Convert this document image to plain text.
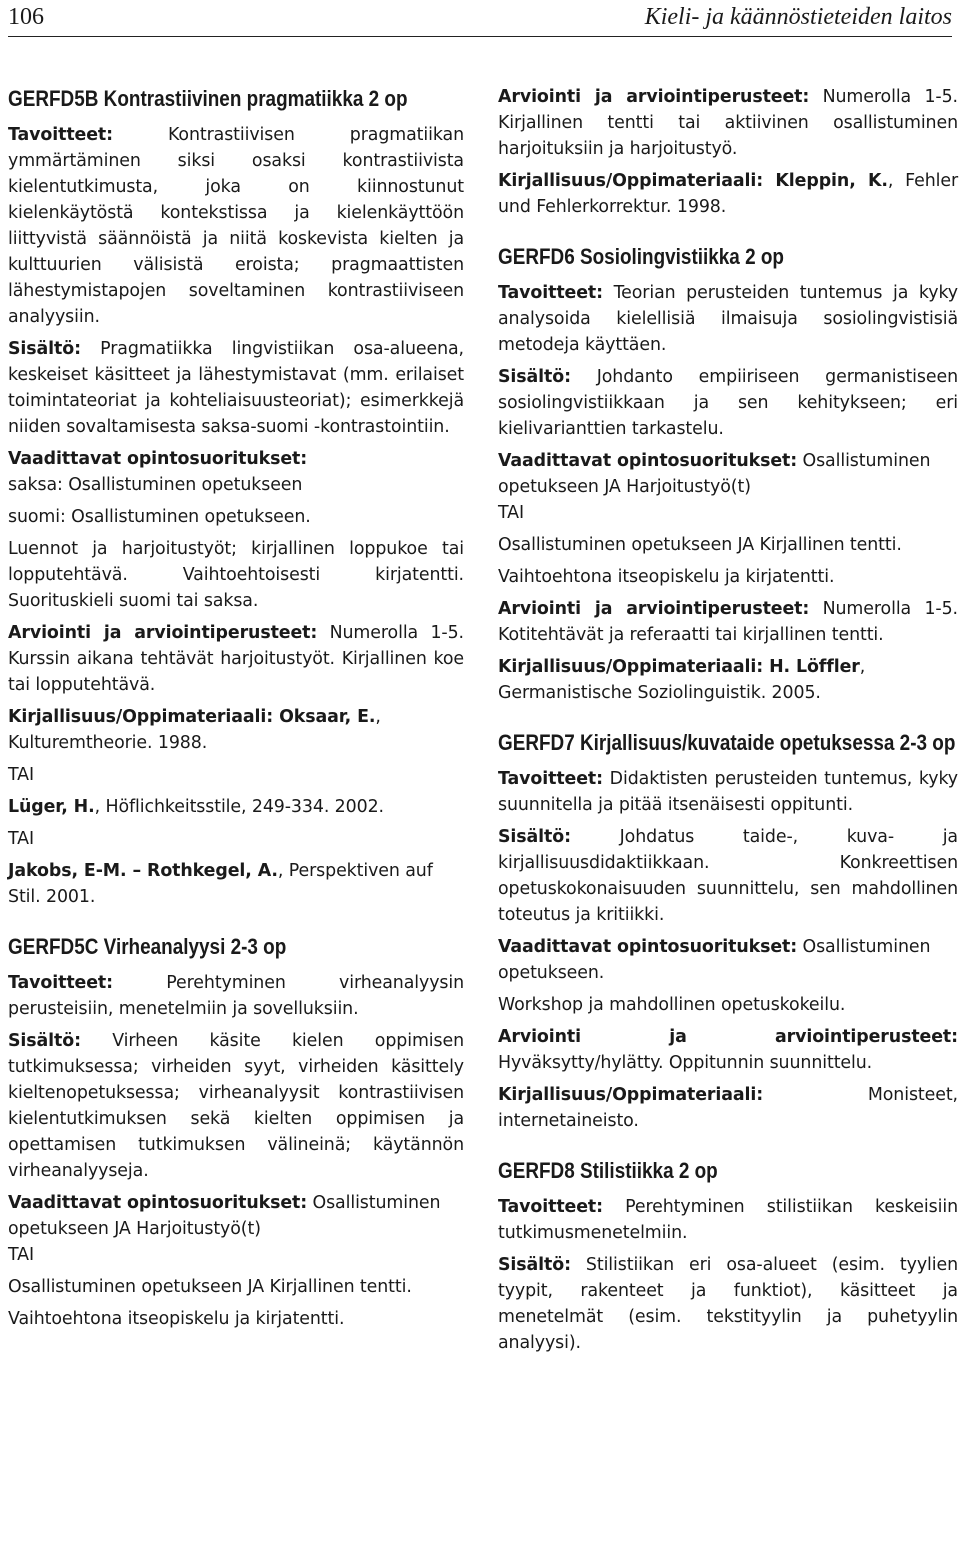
106	Kieli- ja käännöstieteiden laitos
GERFD5B Kontrastiivinen pragmatiikka 2 op

Tavoitteet: Kontrastiivisen pragmatiikan ymmärtäminen siksi osaksi kontrastiivista kielentutkimusta, joka on kiinnostunut kielenkäytöstä kontekstissa ja kielenkäyttöön liittyvistä säännöistä ja niitä koskevista kielten ja kulttuurien välisistä eroista; pragmaattisten lähestymistapojen soveltaminen kontrastiiviseen analyysiin.

Sisältö: Pragmatiikka lingvistiikan osa-alueena, keskeiset käsitteet ja lähestymistavat (mm. erilaiset toimintateoriat ja kohteliaisuusteoriat); esimerkkejä niiden sovaltamisesta saksa-suomi -kontrastointiin.

Vaadittavat opintosuoritukset:

saksa: Osallistuminen opetukseen

suomi: Osallistuminen opetukseen.

Luennot ja harjoitustyöt; kirjallinen loppukoe tai lopputehtävä. Vaihtoehtoisesti kirjatentti. Suorituskieli suomi tai saksa.

Arviointi ja arviointiperusteet: Numerolla 1-5. Kurssin aikana tehtävät harjoitustyöt. Kirjallinen koe tai lopputehtävä.

Kirjallisuus/Oppimateriaali: Oksaar, E., Kulturemtheorie. 1988.

TAI

Lüger, H., Höflichkeitsstile, 249-334. 2002.

TAI

Jakobs, E-M. – Rothkegel, A., Perspektiven auf Stil. 2001.

GERFD5C Virheanalyysi 2-3 op

Tavoitteet: Perehtyminen virheanalyysin perusteisiin, menetelmiin ja sovelluksiin.

Sisältö: Virheen käsite kielen oppimisen tutkimuksessa; virheiden syyt, virheiden käsittely kieltenopetuksessa; virheanalyysit kontrastiivisen kielentutkimuksen sekä kielten oppimisen ja opettamisen tutkimuksen välineinä; käytännön virheanalyyseja.

Vaadittavat opintosuoritukset: Osallistuminen opetukseen JA Harjoitustyö(t)

TAI

Osallistuminen opetukseen JA Kirjallinen tentti.

Vaihtoehtona itseopiskelu ja kirjatentti.

Arviointi ja arviointiperusteet: Numerolla 1-5. Kirjallinen tentti tai aktiivinen osallistuminen harjoituksiin ja harjoitustyö.

Kirjallisuus/Oppimateriaali: Kleppin, K., Fehler und Fehlerkorrektur. 1998.

GERFD6 Sosiolingvistiikka 2 op

Tavoitteet: Teorian perusteiden tuntemus ja kyky analysoida kielellisiä ilmaisuja sosiolingvistisiä metodeja käyttäen.

Sisältö: Johdanto empiiriseen germanistiseen sosiolingvistiikkaan ja sen kehitykseen; eri kielivarianttien tarkastelu.

Vaadittavat opintosuoritukset: Osallistuminen opetukseen JA Harjoitustyö(t)

TAI

Osallistuminen opetukseen JA Kirjallinen tentti.

Vaihtoehtona itseopiskelu ja kirjatentti.

Arviointi ja arviointiperusteet: Numerolla 1-5. Kotitehtävät ja referaatti tai kirjallinen tentti.

Kirjallisuus/Oppimateriaali: H. Löffler, Germanistische Soziolinguistik. 2005.

GERFD7 Kirjallisuus/kuvataide opetuksessa 2-3 op

Tavoitteet: Didaktisten perusteiden tuntemus, kyky suunnitella ja pitää itsenäisesti oppitunti.

Sisältö: Johdatus taide-, kuva- ja kirjallisuusdidaktiikkaan. Konkreettisen opetuskokonaisuuden suunnittelu, sen mahdollinen toteutus ja kritiikki.

Vaadittavat opintosuoritukset: Osallistuminen opetukseen.

Workshop ja mahdollinen opetuskokeilu.

Arviointi ja arviointiperusteet: Hyväksytty/hylätty. Oppitunnin suunnittelu.

Kirjallisuus/Oppimateriaali: Monisteet, internetaineisto.

GERFD8 Stilistiikka 2 op

Tavoitteet: Perehtyminen stilistiikan keskeisiin tutkimusmenetelmiin.

Sisältö: Stilistiikan eri osa-alueet (esim. tyylien tyypit, rakenteet ja funktiot), käsitteet ja menetelmät (esim. tekstityylin ja puhetyylin analyysi).
